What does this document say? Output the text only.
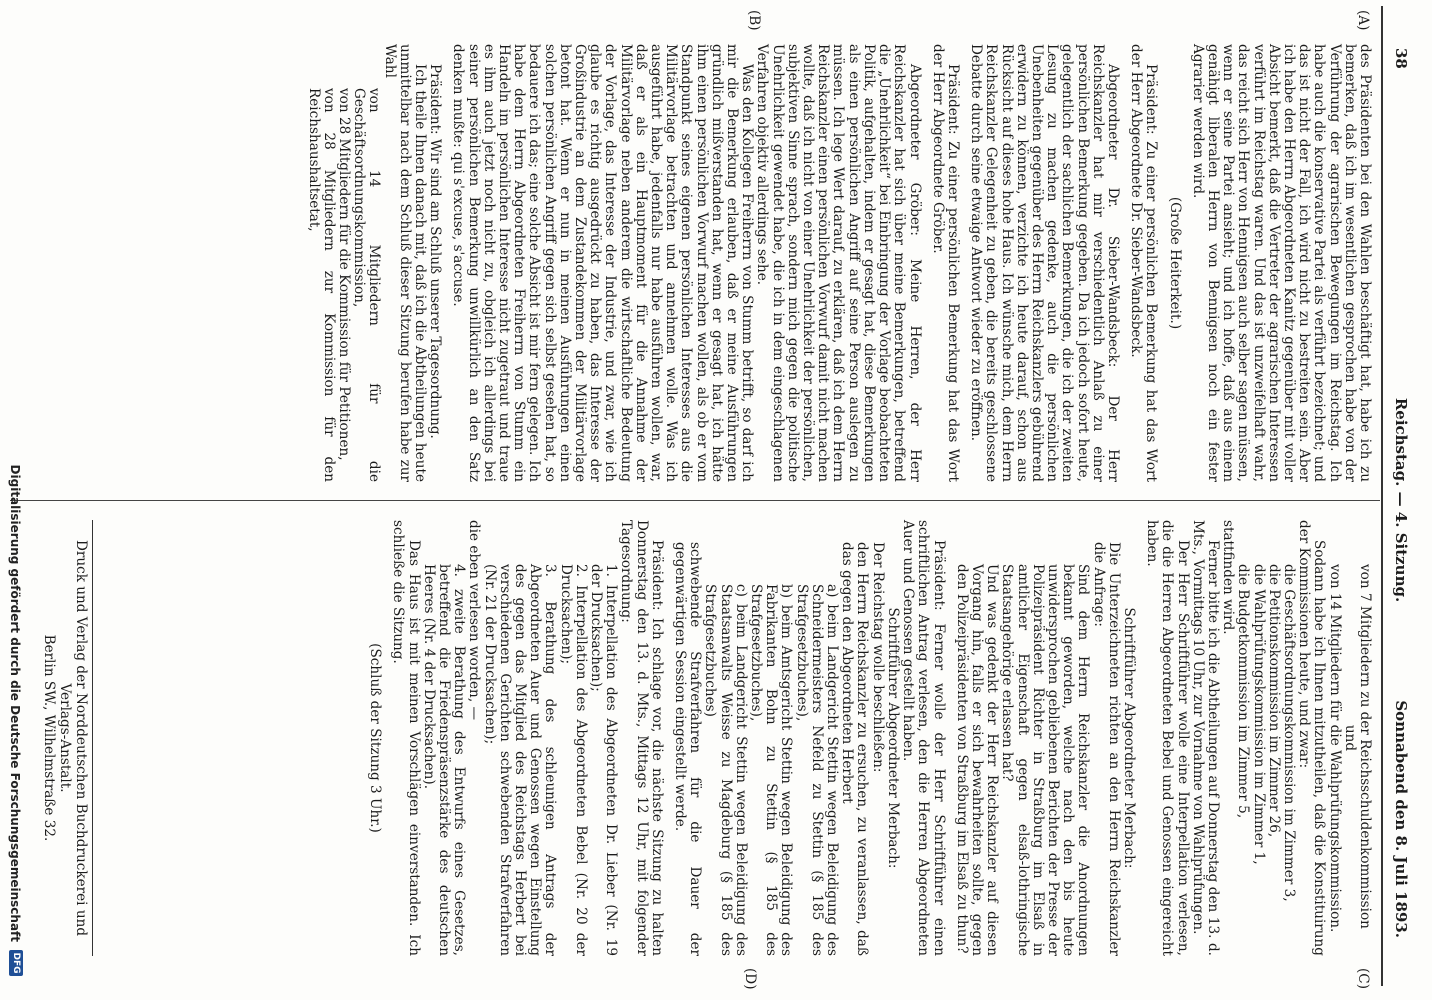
38
Reichstag. — 4. Sitzung.
Sonnabend den 8. Juli 1893.
(A)
(B)
(C)
(D)

des Präsidenten bei den Wahlen beschäftigt hat, habe ich zu bemerken, daß ich im wesentlichen gesprochen habe von der Verführung der agrarischen Bewegungen im Reichstag. Ich habe auch die konservative Partei als verführt bezeichnet; und das ist nicht der Fall, ich wird nicht zu bestreiten sein. Aber ich habe den Herrn Abgeordneten Kanitz gegenüber mit voller Absicht bemerkt, daß die Vertreter der agrarischen Interessen verführt im Reichstag waren. Und das ist unzweifelhaft wahr, das reicht sich Herr von Hennigsen auch selber sagen müssen, wenn er seine Partei ansieht; und ich hoffe, daß aus einem genähigt liberalen Herrn von Bennigsen noch ein fester Agrarier werden wird.

(Große Heiterkeit.)

Präsident: Zu einer persönlichen Bemerkung hat das Wort der Herr Abgeordnete Dr. Sieber-Wandsbeck.

Abgeordneter Dr. Sieber-Wandsbeck: Der Herr Reichskanzler hat mir verschiedentlich Anlaß zu einer persönlichen Bemerkung gegeben. Da ich jedoch sofort heute, gelegentlich der sachlichen Bemerkungen, die ich der zweiten Lesung zu machen gedenke, auch die persönlichen Unebenheiten gegenüber des Herrn Reichskanzlers gebührend erwidern zu können, verzichte ich heute darauf, schon aus Rücksicht auf dieses hohe Haus. Ich wünsche mich, dem Herrn Reichskanzler Gelegenheit zu geben, die bereits geschlossene Debatte durch seine etwaige Antwort wieder zu eröffnen.

Präsident: Zu einer persönlichen Bemerkung hat das Wort der Herr Abgeordnete Gröber.

Abgeordneter Gröber: Meine Herren, der Herr Reichskanzler hat sich über meine Bemerkungen, betreffend die „Unehrlichkeit“ bei Einbringung der Vorlage beobachteten Politik, aufgehalten, indem er gesagt hat, diese Bemerkungen als einen persönlichen Angriff auf seine Person auslegen zu müssen. Ich lege Wert darauf, zu erklären, daß ich dem Herrn Reichskanzler einen persönlichen Vorwurf damit nicht machen wollte, daß ich nicht von einer Unehrlichkeit der persönlichen, subjektiven Sinne sprach, sondern mich gegen die politische Unehrlichkeit gewendet habe, die ich in dem eingeschlagenen Verfahren objektiv allerdings sehe.

Was den Kollegen Freiherrn von Stumm betrifft, so darf ich mir die Bemerkung erlauben, daß er meine Ausführungen gründlich mißverstanden hat, wenn er gesagt hat, ich hätte ihm einen persönlichen Vorwurf machen wollen, als ob er vom Standpunkt seines eigenen persönlichen Interesses aus die Militärvorlage betrachten und annehmen wolle. Was ich ausgeführt habe, jedenfalls nur habe ausführen wollen, war, daß er als ein Hauptmoment für die Annahme der Militärvorlage neben anderem die wirtschaftliche Bedeutung der Vorlage, das Interesse der Industrie, und zwar, wie ich glaube es richtig ausgedrückt zu haben, das Interesse der Großindustrie an dem Zustandekommen der Militärvorlage betont hat. Wenn er nun in meinen Ausführungen einen solchen persönlichen Angriff gegen sich selbst gesehen hat, so bedauere ich das; eine solche Absicht ist mir fern gelegen. Ich habe dem Herrn Abgeordneten Freiherrn von Stumm ein Handeln im persönlichen Interesse nicht zugetraut und traue es ihm auch jetzt noch nicht zu, obgleich ich allerdings bei seiner persönlichen Bemerkung unwillkürlich an den Satz denken mußte: qui s'excuse, s'accuse.

Präsident: Wir sind am Schluß unserer Tagesordnung.

Ich theile Ihnen danach mit, daß ich die Abtheilungen heute unmittelbar nach dem Schluß dieser Sitzung berufen habe zur Wahl

von 14 Mitgliedern für die Geschäftsordnungskommission,

von 28 Mitgliedern für die Kommission für Petitionen,

von 28 Mitgliedern zur Kommission für den Reichshaushaltsetat,

von 7 Mitgliedern zu der Reichsschuldenkommission

und

von 14 Mitgliedern für die Wahlprüfungskommission.

Sodann habe ich Ihnen mitzutheilen, daß die Konstituirung der Kommissionen heute, und zwar:

die Geschäftsordnungskommission im Zimmer 3,

die Petitionskommission im Zimmer 26,

die Wahlprüfungskommission im Zimmer 1,

die Budgetkommission im Zimmer 5,

stattfinden wird.

Ferner bitte ich die Abtheilungen auf Donnerstag den 13. d. Mts., Vormittags 10 Uhr, zur Vornahme von Wahlprüfungen.

Der Herr Schriftführer wolle eine Interpellation verlesen, die die Herren Abgeordneten Bebel und Genossen eingereicht haben.

Schriftführer Abgeordneter Merbach:

Die Unterzeichneten richten an den Herrn Reichskanzler die Anfrage:

Sind dem Herrn Reichskanzler die Anordnungen bekannt geworden, welche nach den bis heute unwidersprochen gebliebenen Berichten der Presse der Polizeipräsident Richter in Straßburg im Elsaß in amtlicher Eigenschaft gegen elsaß-lothringische Staatsangehörige erlassen hat?

Und was gedenkt der Herr Reichskanzler auf diesen Vorgang hin, falls er sich bewahrheiten sollte, gegen den Polizeipräsidenten von Straßburg im Elsaß zu thun?

Präsident: Ferner wolle der Herr Schriftführer einen schriftlichen Antrag verlesen, den die Herren Abgeordneten Auer und Genossen gestellt haben.

Schriftführer Abgeordneter Merbach:

Der Reichstag wolle beschließen:

den Herrn Reichskanzler zu ersuchen, zu veranlassen, daß das gegen den Abgeordneten Herbert

a) beim Landgericht Stettin wegen Beleidigung des Schneidermeisters Nefeld zu Stettin (§ 185 des Strafgesetzbuches),

b) beim Amtsgericht Stettin wegen Beleidigung des Fabrikanten Bohn zu Stettin (§ 185 des Strafgesetzbuches),

c) beim Landgericht Stettin wegen Beleidigung des Staatsanwalts Weisse zu Magdeburg (§ 185 des Strafgesetzbuches)

schwebende Strafverfahren für die Dauer der gegenwärtigen Session eingestellt werde.

Präsident: Ich schlage vor, die nächste Sitzung zu halten Donnerstag den 13. d. Mts., Mittags 12 Uhr, mit folgender Tagesordnung:

1. Interpellation des Abgeordneten Dr. Lieber (Nr. 19 der Drucksachen);

2. Interpellation des Abgeordneten Bebel (Nr. 20 der Drucksachen);

3. Berathung des schleunigen Antrags der Abgeordneten Auer und Genossen wegen Einstellung des gegen das Mitglied des Reichstags Herbert bei verschiedenen Gerichten schwebenden Strafverfahren (Nr. 21 der Drucksachen);

die eben verlesen worden, —

4. zweite Berathung des Entwurfs eines Gesetzes, betreffend die Friedenspräsenzstärke des deutschen Heeres (Nr. 4 der Drucksachen).

Das Haus ist mit meinen Vorschlägen einverstanden. Ich schließe die Sitzung.

(Schluß der Sitzung 3 Uhr.)

Druck und Verlag der Norddeutschen Buchdruckerei und Verlags-Anstalt.
Berlin SW., Wilhelmstraße 32.
Digitalisierung gefördert durch die Deutsche Forschungsgemeinschaft
DFG
